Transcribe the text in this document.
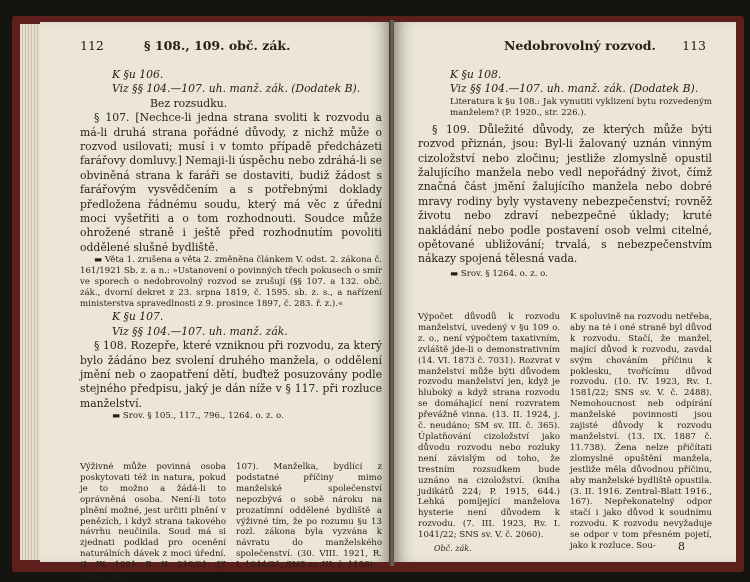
112	§ 108., 109. obč. zák.

K §u 106.

Viz §§ 104.—107. uh. manž. zák. (Dodatek B).

Bez rozsudku.

§ 107. [Nechce-li jedna strana svoliti k rozvodu a má-li druhá strana pořádné důvody, z nichž může o rozvod usilovati; musí i v tomto případě předcházeti farářovy domluvy.] Nemaji-li úspěchu nebo zdráhá-li se obviněná strana k faráři se dostaviti, budiž žádost s farářovým vysvědčením a s potřebnými doklady předložena řádnému soudu, který má věc z úřední moci vyšetřiti a o tom rozhodnouti. Soudce může ohrožené straně i ještě před rozhodnutím povoliti oddělené slušné bydliště.

▬ Věta 1. zrušena a věta 2. změněna článkem V. odst. 2. zákona č. 161/1921 Sb. z. a n.: »Ustanovení o povinných třech pokusech o smír ve sporech o nedobrovolný rozvod se zrušují (§§ 107. a 132. obč. zák., dvorní dekret z 23. srpna 1819, č. 1595. sb. z. s., a nařízení ministerstva spravedlnosti z 9. prosince 1897, č. 283. ř. z.).«

K §u 107.

Viz §§ 104.—107. uh. manž. zák.

§ 108. Rozepře, které vzniknou při rozvodu, za který bylo žádáno bez svolení druhého manžela, o oddělení jmění neb o zaopatření dětí, buďtež posuzovány podle stejného předpisu, jaký je dán níže v § 117. při rozluce manželství.

▬ Srov. § 105., 117., 796., 1264. o. z. o.

Výživné může povinná osoba poskytovati též in natura, pokud je to možno a žádá-li to oprávněná osoba. Není-li toto plnění možné, jest určiti plnění v penězích, i když strana takového návrhu neučinila. Soud má si zjednati podklad pro ocenění naturálních dávek z moci úřední. (I. IX. 1921, R. II. 318/21; JZ 1921, čís.
107). Manželka, bydlící z podstatné příčiny mimo manželské společenství nepozbývá o sobě nároku na prozatímní oddělené bydliště a výživné tím, že po rozumu §u 13 rozl. zákona byla vyzvána k návratu do manželského společenství. (30. VIII. 1921, R. I. 1044/21; SNS sv. III. č. 1158).
Nedobrovolný rozvod. 113

K §u 108.

Viz §§ 104.—107. uh. manž. zák. (Dodatek B).

Literatura k §u 108.: Jak vynutiti vyklizení bytu rozvedeným manželem? (P. 1920., str. 226.).

§ 109. Důležité důvody, ze kterých může býti rozvod přiznán, jsou: Byl-li žalovaný uznán vinným cizoložství nebo zločinu; jestliže zlomyslně opustil žalujícího manžela nebo vedl nepořádný život, čímž značná část jmění žalujícího manžela nebo dobré mravy rodiny byly vystaveny nebezpečenství; rovněž životu nebo zdraví nebezpečné úklady; kruté nakládání nebo podle postavení osob velmi citelné, opětované ubližování; trvalá, s nebezpečenstvím nákazy spojená tělesná vada.

▬ Srov. § 1264. o. z. o.

Výpočet důvodů k rozvodu manželství, uvedený v §u 109 o. z. o., není výpočtem taxativním, zvláště jde-li o demonstrativním (14. VI. 1873 č. 7031). Rozvrat v manželství může býti důvodem rozvodu manželství jen, když je hluboký a když strana rozvodu se domáhající není rozvratem převážně vinna. (13. II. 1924, j. č. neudáno; SM sv. III. č. 365). Úplatňování cizoložství jako důvodu rozvodu nebo rozluky není závislým od toho, že trestním rozsudkem bude uznáno na cizoložství. (kniha judikátů 224; P. 1915, 644.) Lehká pomíjející manželova hysterie není důvodem k rozvodu. (7. III. 1923, Rv. I. 1041/22; SNS sv. V. č. 2060).
K spoluvině na rozvodu netřeba, aby na té i oné straně byl důvod k rozvodu. Stačí, že manžel, mající důvod k rozvodu, zavdal svým chováním příčinu k poklesku, tvořícímu důvod rozvodu. (10. IV. 1923, Rv. I. 1581/22; SNS sv. V. č. 2488). Nemohoucnost neb odpírání manželské povinnosti jsou zajisté důvody k rozvodu manželství. (13. IX. 1887 č. 11.738). Žena nelze přičítati zlomyslné opuštění manžela, jestliže měla důvodnou příčinu, aby manželské bydliště opustila. (3. II. 1916. Zentral-Blatt 1916., 167). Nepřekonatelný odpor stačí i jako důvod k soudnímu rozvodu. K rozvodu nevyžaduje se odpor v tom přesném pojetí, jako k rozluce. Sou-
Obč. zák.	8
